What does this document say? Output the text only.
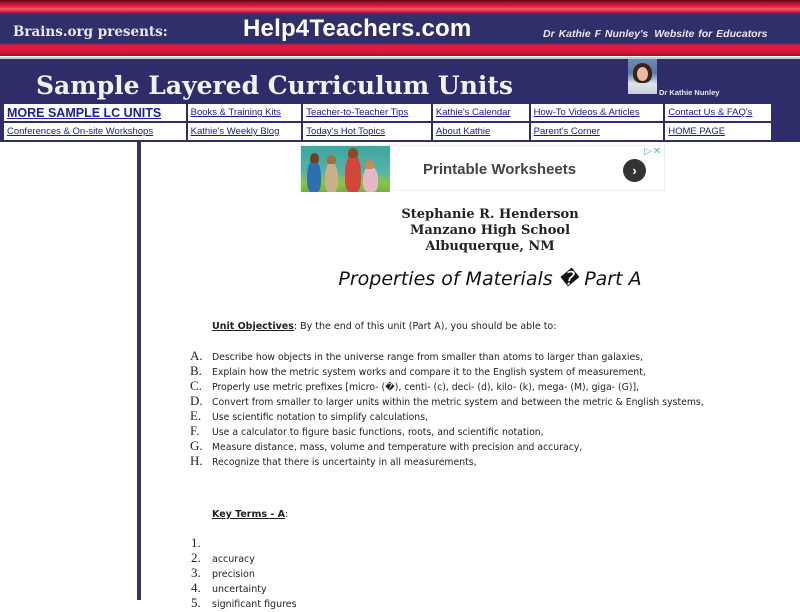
Brains.org presents:	Help4Teachers.com	Dr Kathie F Nunley's Website for Educators
Sample Layered Curriculum Units	Dr Kathie Nunley
MORE SAMPLE LC UNITS	Books & Training Kits	Teacher-to-Teacher Tips	Kathie's Calendar	How-To Videos & Articles	Contact Us & FAQ's
Conferences & On-site Workshops	Kathie's Weekly Blog	Today's Hot Topics	About Kathie	Parent's Corner	HOME PAGE
Printable Worksheets	›
▷✕
Stephanie R. Henderson
Manzano High School
Albuquerque, NM
Properties of Materials � Part A
Unit Objectives: By the end of this unit (Part A), you should be able to:
A. Describe how objects in the universe range from smaller than atoms to larger than galaxies,
B. Explain how the metric system works and compare it to the English system of measurement,
C. Properly use metric prefixes [micro- (�), centi- (c), deci- (d), kilo- (k), mega- (M), giga- (G)],
D. Convert from smaller to larger units within the metric system and between the metric & English systems,
E. Use scientific notation to simplify calculations,
F. Use a calculator to figure basic functions, roots, and scientific notation,
G. Measure distance, mass, volume and temperature with precision and accuracy,
H. Recognize that there is uncertainty in all measurements,
Key Terms - A:
1.
2. accuracy
3. precision
4. uncertainty
5. significant figures
